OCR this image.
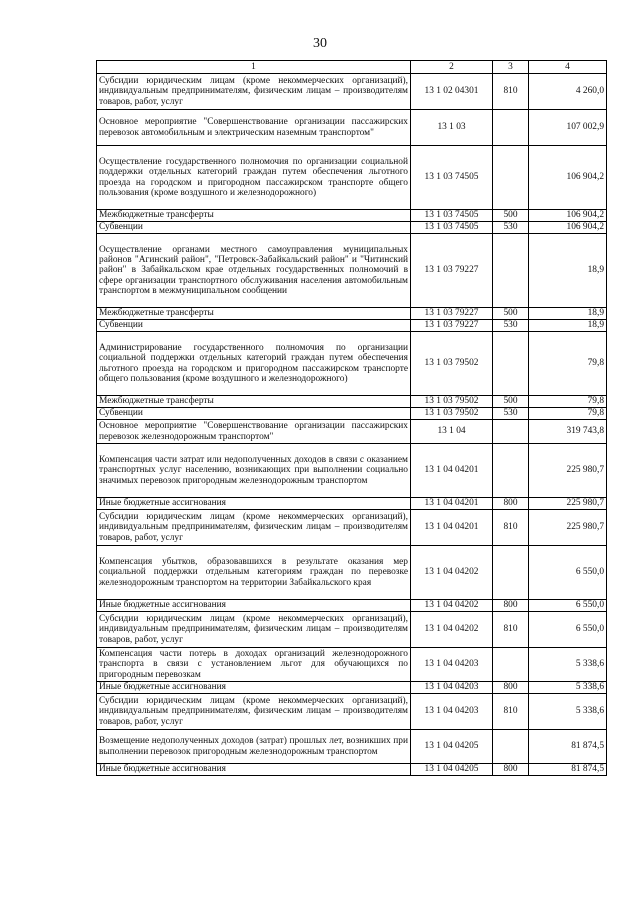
30
1	2	3	4
Субсидии юридическим лицам (кроме некоммерческих организаций), индивидуальным предпринимателям, физическим лицам – производителям товаров, работ, услуг	13 1 02 04301	810	4 260,0
Основное мероприятие "Совершенствование организации пассажирских перевозок автомобильным и электрическим наземным транспортом"	13 1 03		107 002,9
Осуществление государственного полномочия по организации социальной поддержки отдельных категорий граждан путем обеспечения льготного проезда на городском и пригородном пассажирском транспорте общего пользования (кроме воздушного и железнодорожного)	13 1 03 74505		106 904,2
Межбюджетные трансферты	13 1 03 74505	500	106 904,2
Субвенции	13 1 03 74505	530	106 904,2
Осуществление органами местного самоуправления муниципальных районов "Агинский район", "Петровск-Забайкальский район" и "Читинский район" в Забайкальском крае отдельных государственных полномочий в сфере организации транспортного обслуживания населения автомобильным транспортом в межмуниципальном сообщении	13 1 03 79227		18,9
Межбюджетные трансферты	13 1 03 79227	500	18,9
Субвенции	13 1 03 79227	530	18,9
Администрирование государственного полномочия по организации социальной поддержки отдельных категорий граждан путем обеспечения льготного проезда на городском и пригородном пассажирском транспорте общего пользования (кроме воздушного и железнодорожного)	13 1 03 79502		79,8
Межбюджетные трансферты	13 1 03 79502	500	79,8
Субвенции	13 1 03 79502	530	79,8
Основное мероприятие "Совершенствование организации пассажирских перевозок железнодорожным транспортом"	13 1 04		319 743,8
Компенсация части затрат или недополученных доходов в связи с оказанием транспортных услуг населению, возникающих при выполнении социально значимых перевозок пригородным железнодорожным транспортом	13 1 04 04201		225 980,7
Иные бюджетные ассигнования	13 1 04 04201	800	225 980,7
Субсидии юридическим лицам (кроме некоммерческих организаций), индивидуальным предпринимателям, физическим лицам – производителям товаров, работ, услуг	13 1 04 04201	810	225 980,7
Компенсация убытков, образовавшихся в результате оказания мер социальной поддержки отдельным категориям граждан по перевозке железнодорожным транспортом на территории Забайкальского края	13 1 04 04202		6 550,0
Иные бюджетные ассигнования	13 1 04 04202	800	6 550,0
Субсидии юридическим лицам (кроме некоммерческих организаций), индивидуальным предпринимателям, физическим лицам – производителям товаров, работ, услуг	13 1 04 04202	810	6 550,0
Компенсация части потерь в доходах организаций железнодорожного транспорта в связи с установлением льгот для обучающихся по пригородным перевозкам	13 1 04 04203		5 338,6
Иные бюджетные ассигнования	13 1 04 04203	800	5 338,6
Субсидии юридическим лицам (кроме некоммерческих организаций), индивидуальным предпринимателям, физическим лицам – производителям товаров, работ, услуг	13 1 04 04203	810	5 338,6
Возмещение недополученных доходов (затрат) прошлых лет, возникших при выполнении перевозок пригородным железнодорожным транспортом	13 1 04 04205		81 874,5
Иные бюджетные ассигнования	13 1 04 04205	800	81 874,5
